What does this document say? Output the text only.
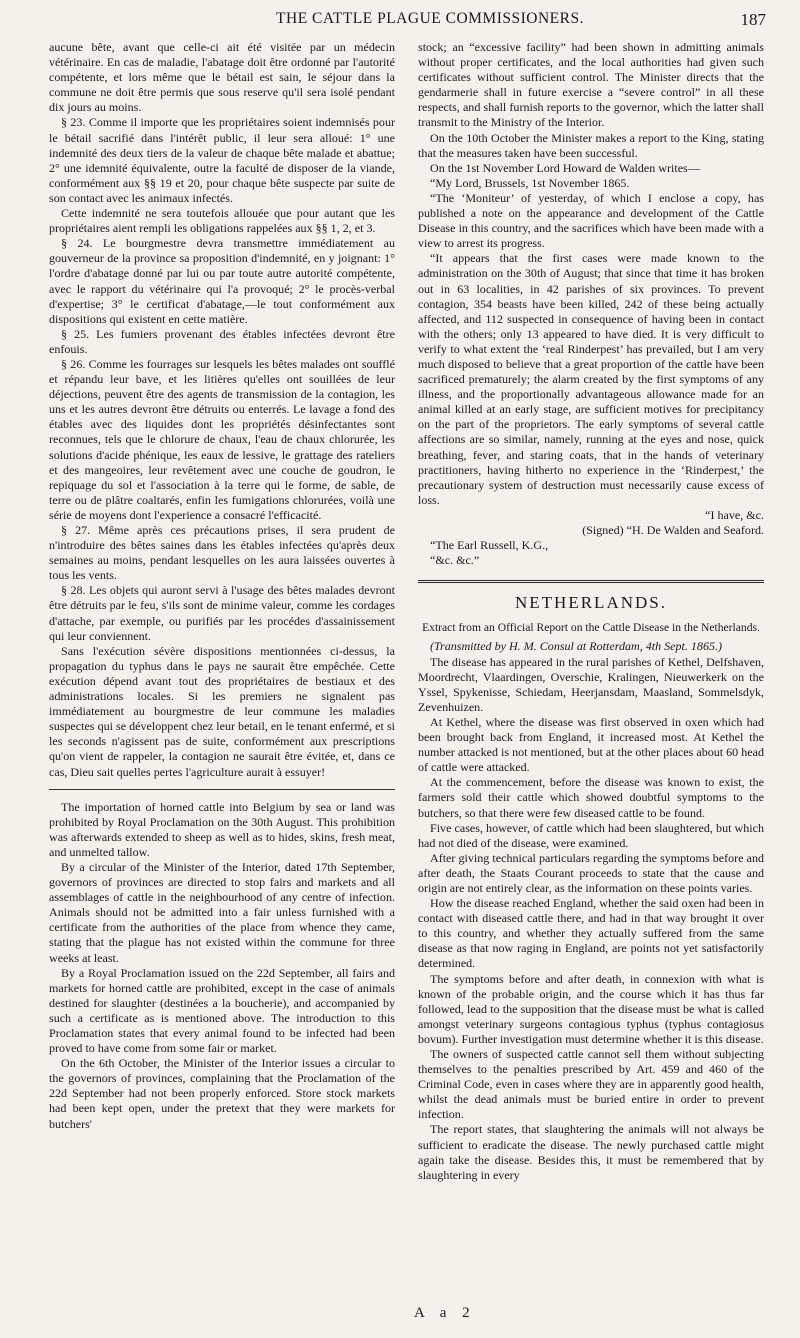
THE CATTLE PLAGUE COMMISSIONERS.	187

aucune bête, avant que celle-ci ait été visitée par un médecin vétérinaire. En cas de maladie, l'abatage doit être ordonné par l'autorité compétente, et lors même que le bétail est sain, le séjour dans la commune ne doit être permis que sous reserve qu'il sera isolé pendant dix jours au moins.

§ 23. Comme il importe que les propriétaires soient indemnisés pour le bétail sacrifié dans l'intérêt public, il leur sera alloué: 1° une indemnité des deux tiers de la valeur de chaque bête malade et abattue; 2° une idemnité équivalente, outre la faculté de disposer de la viande, conformément aux §§ 19 et 20, pour chaque bête suspecte par suite de son contact avec les animaux infectés.

Cette indemnité ne sera toutefois allouée que pour autant que les propriétaires aient rempli les obligations rappelées aux §§ 1, 2, et 3.

§ 24. Le bourgmestre devra transmettre immédiatement au gouverneur de la province sa proposition d'indemnité, en y joignant: 1° l'ordre d'abatage donné par lui ou par toute autre autorité compétente, avec le rapport du vétérinaire qui l'a provoqué; 2° le procès-verbal d'expertise; 3° le certificat d'abatage,—le tout conformément aux dispositions qui existent en cette matière.

§ 25. Les fumiers provenant des étables infectées devront être enfouis.

§ 26. Comme les fourrages sur lesquels les bêtes malades ont soufflé et répandu leur bave, et les litières qu'elles ont souillées de leur déjections, peuvent être des agents de transmission de la contagion, les uns et les autres devront être détruits ou enterrés. Le lavage a fond des étables avec des liquides dont les propriétés désinfectantes sont reconnues, tels que le chlorure de chaux, l'eau de chaux chlorurée, les solutions d'acide phénique, les eaux de lessive, le grattage des rateliers et des mangeoires, leur revêtement avec une couche de goudron, le repiquage du sol et l'association à la terre qui le forme, de sable, de terre ou de plâtre coaltarés, enfin les fumigations chlorurées, voilà une série de moyens dont l'experience a consacré l'efficacité.

§ 27. Même après ces précautions prises, il sera prudent de n'introduire des bêtes saines dans les étables infectées qu'après deux semaines au moins, pendant lesquelles on les aura laissées ouvertes à tous les vents.

§ 28. Les objets qui auront servi à l'usage des bêtes malades devront être détruits par le feu, s'ils sont de minime valeur, comme les cordages d'attache, par exemple, ou purifiés par les procédes d'assainissement qui leur conviennent.

Sans l'exécution sévère dispositions mentionnées ci-dessus, la propagation du typhus dans le pays ne saurait être empêchée. Cette exécution dépend avant tout des propriétaires de bestiaux et des administrations locales. Si les premiers ne signalent pas immédiatement au bourgmestre de leur commune les maladies suspectes qui se développent chez leur betail, en le tenant enfermé, et si les seconds n'agissent pas de suite, conformément aux prescriptions qu'on vient de rappeler, la contagion ne saurait être évitée, et, dans ce cas, Dieu sait quelles pertes l'agriculture aurait à essuyer!

The importation of horned cattle into Belgium by sea or land was prohibited by Royal Proclamation on the 30th August. This prohibition was afterwards extended to sheep as well as to hides, skins, fresh meat, and unmelted tallow.

By a circular of the Minister of the Interior, dated 17th September, governors of provinces are directed to stop fairs and markets and all assemblages of cattle in the neighbourhood of any centre of infection. Animals should not be admitted into a fair unless furnished with a certificate from the authorities of the place from whence they came, stating that the plague has not existed within the commune for three weeks at least.

By a Royal Proclamation issued on the 22d September, all fairs and markets for horned cattle are prohibited, except in the case of animals destined for slaughter (destinées a la boucherie), and accompanied by such a certificate as is mentioned above. The introduction to this Proclamation states that every animal found to be infected had been proved to have come from some fair or market.

On the 6th October, the Minister of the Interior issues a circular to the governors of provinces, complaining that the Proclamation of the 22d September had not been properly enforced. Store stock markets had been kept open, under the pretext that they were markets for butchers'

stock; an “excessive facility” had been shown in admitting animals without proper certificates, and the local authorities had given such certificates without sufficient control. The Minister directs that the gendarmerie shall in future exercise a “severe control” in all these respects, and shall furnish reports to the governor, which the latter shall transmit to the Ministry of the Interior.

On the 10th October the Minister makes a report to the King, stating that the measures taken have been successful.

On the 1st November Lord Howard de Walden writes—

“My Lord, Brussels, 1st November 1865.

“The ‘Moniteur’ of yesterday, of which I enclose a copy, has published a note on the appearance and development of the Cattle Disease in this country, and the sacrifices which have been made with a view to arrest its progress.

“It appears that the first cases were made known to the administration on the 30th of August; that since that time it has broken out in 63 localities, in 42 parishes of six provinces. To prevent contagion, 354 beasts have been killed, 242 of these being actually affected, and 112 suspected in consequence of having been in contact with the others; only 13 appeared to have died. It is very difficult to verify to what extent the ‘real Rinderpest’ has prevailed, but I am very much disposed to believe that a great proportion of the cattle have been sacrificed prematurely; the alarm created by the first symptoms of any illness, and the proportionally advantageous allowance made for an animal killed at an early stage, are sufficient motives for precipitancy on the part of the proprietors. The early symptoms of several cattle affections are so similar, namely, running at the eyes and nose, quick breathing, fever, and staring coats, that in the hands of veterinary practitioners, having hitherto no experience in the ‘Rinderpest,’ the precautionary system of destruction must necessarily cause excess of loss.

“I have, &c.

(Signed) “H. De Walden and Seaford.

“The Earl Russell, K.G.,

“&c. &c.”

NETHERLANDS.

Extract from an Official Report on the Cattle Disease in the Netherlands.

(Transmitted by H. M. Consul at Rotterdam, 4th Sept. 1865.)

The disease has appeared in the rural parishes of Kethel, Delfshaven, Moordrecht, Vlaardingen, Overschie, Kralingen, Nieuwerkerk on the Yssel, Spykenisse, Schiedam, Heerjansdam, Maasland, Sommelsdyk, Zevenhuizen.

At Kethel, where the disease was first observed in oxen which had been brought back from England, it increased most. At Kethel the number attacked is not mentioned, but at the other places about 60 head of cattle were attacked.

At the commencement, before the disease was known to exist, the farmers sold their cattle which showed doubtful symptoms to the butchers, so that there were few diseased cattle to be found.

Five cases, however, of cattle which had been slaughtered, but which had not died of the disease, were examined.

After giving technical particulars regarding the symptoms before and after death, the Staats Courant proceeds to state that the cause and origin are not entirely clear, as the information on these points varies.

How the disease reached England, whether the said oxen had been in contact with diseased cattle there, and had in that way brought it over to this country, and whether they actually suffered from the same disease as that now raging in England, are points not yet satisfactorily determined.

The symptoms before and after death, in connexion with what is known of the probable origin, and the course which it has thus far followed, lead to the supposition that the disease must be what is called amongst veterinary surgeons contagious typhus (typhus contagiosus bovum). Further investigation must determine whether it is this disease.

The owners of suspected cattle cannot sell them without subjecting themselves to the penalties prescribed by Art. 459 and 460 of the Criminal Code, even in cases where they are in apparently good health, whilst the dead animals must be buried entire in order to prevent infection.

The report states, that slaughtering the animals will not always be sufficient to eradicate the disease. The newly purchased cattle might again take the disease. Besides this, it must be remembered that by slaughtering in every

A a 2
